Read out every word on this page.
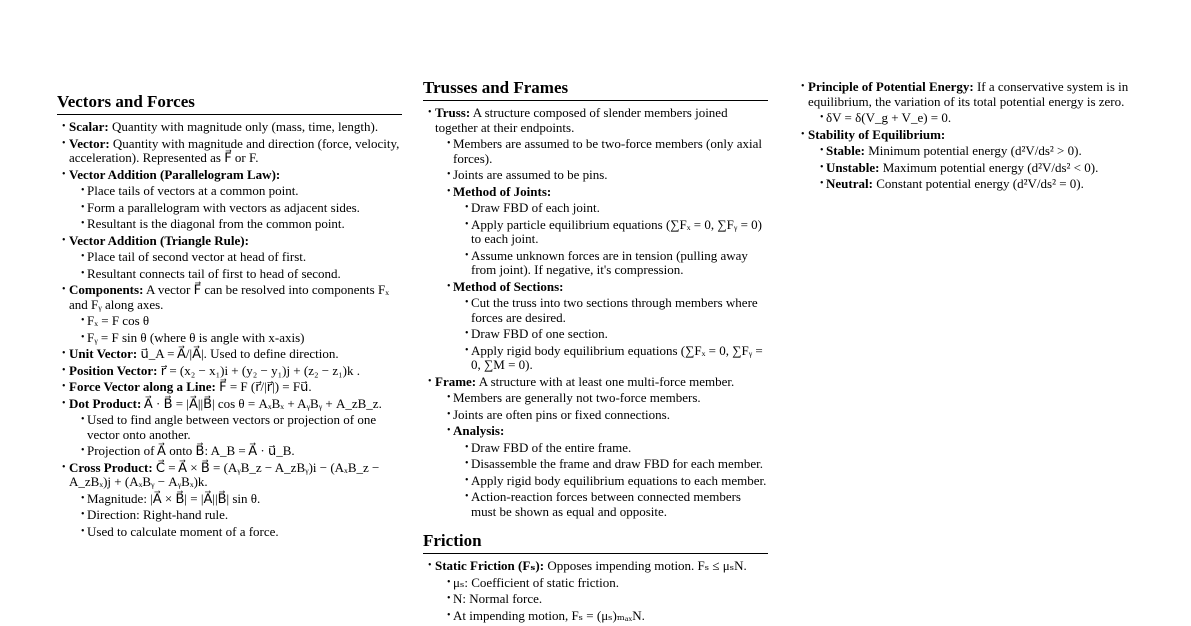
Vectors and Forces
• Scalar: Quantity with magnitude only (mass, time, length).
• Vector: Quantity with magnitude and direction (force, velocity, acceleration). Represented as F⃗ or F.
• Vector Addition (Parallelogram Law):
• Place tails of vectors at a common point.
• Form a parallelogram with vectors as adjacent sides.
• Resultant is the diagonal from the common point.
• Vector Addition (Triangle Rule):
• Place tail of second vector at head of first.
• Resultant connects tail of first to head of second.
• Components: A vector F⃗ can be resolved into components Fₓ and Fᵧ along axes.
• Fₓ = F cos θ
• Fᵧ = F sin θ (where θ is angle with x-axis)
• Unit Vector: u⃗_A = A⃗/|A⃗|. Used to define direction.
• Position Vector: r⃗ = (x₂ − x₁)i + (y₂ − y₁)j + (z₂ − z₁)k .
• Force Vector along a Line: F⃗ = F (r⃗/|r⃗|) = Fu⃗.
• Dot Product: A⃗ · B⃗ = |A⃗||B⃗| cos θ = AₓBₓ + AᵧBᵧ + A_zB_z.
• Used to find angle between vectors or projection of one vector onto another.
• Projection of A⃗ onto B⃗: A_B = A⃗ · u⃗_B.
• Cross Product: C⃗ = A⃗ × B⃗ = (AᵧB_z − A_zBᵧ)i − (AₓB_z − A_zBₓ)j + (AₓBᵧ − AᵧBₓ)k.
• Magnitude: |A⃗ × B⃗| = |A⃗||B⃗| sin θ.
• Direction: Right-hand rule.
• Used to calculate moment of a force.
Trusses and Frames
• Truss: A structure composed of slender members joined together at their endpoints.
• Members are assumed to be two-force members (only axial forces).
• Joints are assumed to be pins.
• Method of Joints:
• Draw FBD of each joint.
• Apply particle equilibrium equations (∑Fₓ = 0, ∑Fᵧ = 0) to each joint.
• Assume unknown forces are in tension (pulling away from joint). If negative, it's compression.
• Method of Sections:
• Cut the truss into two sections through members where forces are desired.
• Draw FBD of one section.
• Apply rigid body equilibrium equations (∑Fₓ = 0, ∑Fᵧ = 0, ∑M = 0).
• Frame: A structure with at least one multi-force member.
• Members are generally not two-force members.
• Joints are often pins or fixed connections.
• Analysis:
• Draw FBD of the entire frame.
• Disassemble the frame and draw FBD for each member.
• Apply rigid body equilibrium equations to each member.
• Action-reaction forces between connected members must be shown as equal and opposite.
Friction
• Static Friction (Fₛ): Opposes impending motion. Fₛ ≤ μₛN.
• μₛ: Coefficient of static friction.
• N: Normal force.
• At impending motion, Fₛ = (μₛ)ₘₐₓN.
• Principle of Potential Energy: If a conservative system is in equilibrium, the variation of its total potential energy is zero.
• δV = δ(V_g + V_e) = 0.
• Stability of Equilibrium:
• Stable: Minimum potential energy (d²V/ds² > 0).
• Unstable: Maximum potential energy (d²V/ds² < 0).
• Neutral: Constant potential energy (d²V/ds² = 0).
